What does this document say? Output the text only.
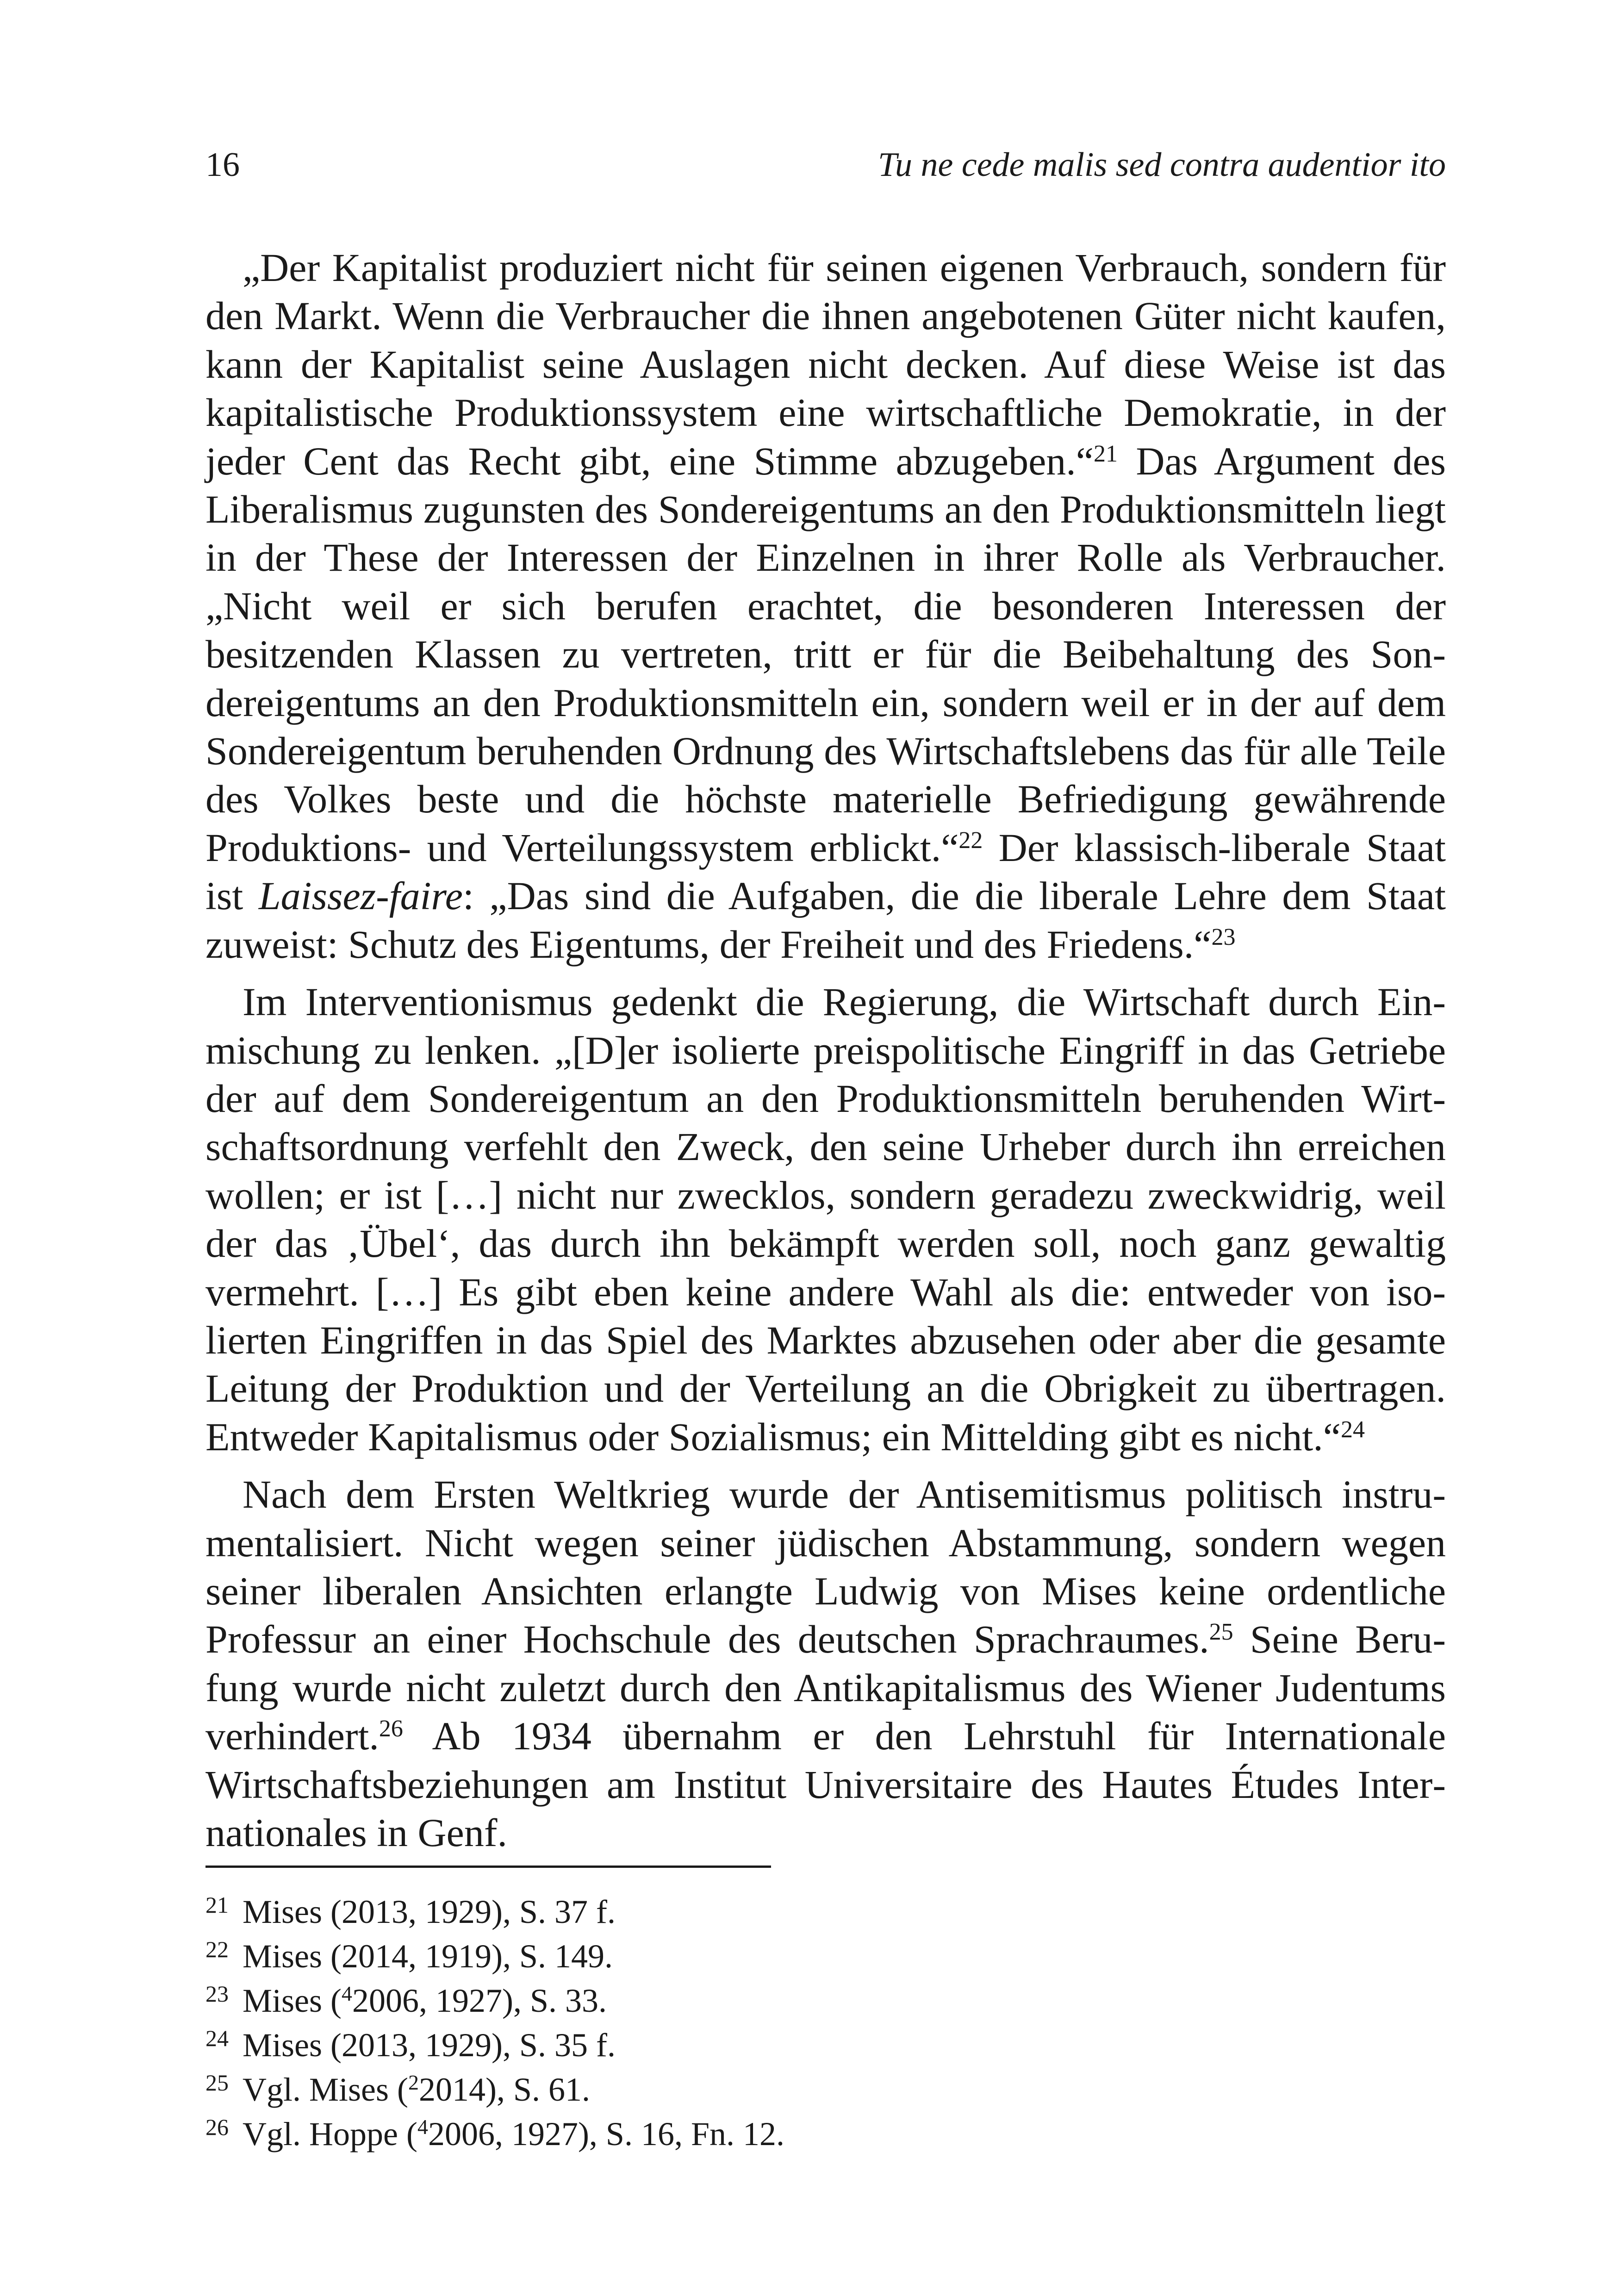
16	Tu ne cede malis sed contra audentior ito

„Der Kapitalist produziert nicht für seinen eigenen Verbrauch, sondern für den Markt. Wenn die Verbraucher die ihnen angebotenen Güter nicht kaufen, kann der Kapitalist seine Auslagen nicht decken. Auf diese Weise ist das kapitalistische Produktionssystem eine wirtschaftliche Demokratie, in der jeder Cent das Recht gibt, eine Stimme abzugeben.“$^{21}$ Das Argument des Liberalismus zugunsten des Sondereigentums an den Produktionsmitteln liegt in der These der Interessen der Einzelnen in ihrer Rolle als Verbraucher. „Nicht weil er sich berufen erachtet, die besonderen Interessen der besitzenden Klassen zu vertreten, tritt er für die Beibehaltung des Sondereigentums an den Produktionsmitteln ein, sondern weil er in der auf dem Sondereigentum beruhenden Ordnung des Wirtschaftslebens das für alle Teile des Volkes beste und die höchste materielle Befriedigung gewährende Produktions- und Verteilungssystem erblickt.“$^{22}$ Der klassisch-liberale Staat ist Laissez-faire: „Das sind die Aufgaben, die die liberale Lehre dem Staat zuweist: Schutz des Eigentums, der Freiheit und des Friedens.“$^{23}$

Im Interventionismus gedenkt die Regierung, die Wirtschaft durch Einmischung zu lenken. „[D]er isolierte preispolitische Eingriff in das Getriebe der auf dem Sondereigentum an den Produktionsmitteln beruhenden Wirtschaftsordnung verfehlt den Zweck, den seine Urheber durch ihn erreichen wollen; er ist […] nicht nur zwecklos, sondern geradezu zweckwidrig, weil der das ‚Übel‘, das durch ihn bekämpft werden soll, noch ganz gewaltig vermehrt. […] Es gibt eben keine andere Wahl als die: entweder von isolierten Eingriffen in das Spiel des Marktes abzusehen oder aber die gesamte Leitung der Produktion und der Verteilung an die Obrigkeit zu übertragen. Entweder Kapitalismus oder Sozialismus; ein Mittelding gibt es nicht.“$^{24}$

Nach dem Ersten Weltkrieg wurde der Antisemitismus politisch instrumentalisiert. Nicht wegen seiner jüdischen Abstammung, sondern wegen seiner liberalen Ansichten erlangte Ludwig von Mises keine ordentliche Professur an einer Hochschule des deutschen Sprachraumes.$^{25}$ Seine Berufung wurde nicht zuletzt durch den Antikapitalismus des Wiener Judentums verhindert.$^{26}$ Ab 1934 übernahm er den Lehrstuhl für Internationale Wirtschaftsbeziehungen am Institut Universitaire des Hautes Études Internationales in Genf.

21 Mises (2013, 1929), S. 37 f.
22 Mises (2014, 1919), S. 149.
23 Mises ($^4$2006, 1927), S. 33.
24 Mises (2013, 1929), S. 35 f.
25 Vgl. Mises ($^2$2014), S. 61.
26 Vgl. Hoppe ($^4$2006, 1927), S. 16, Fn. 12.
